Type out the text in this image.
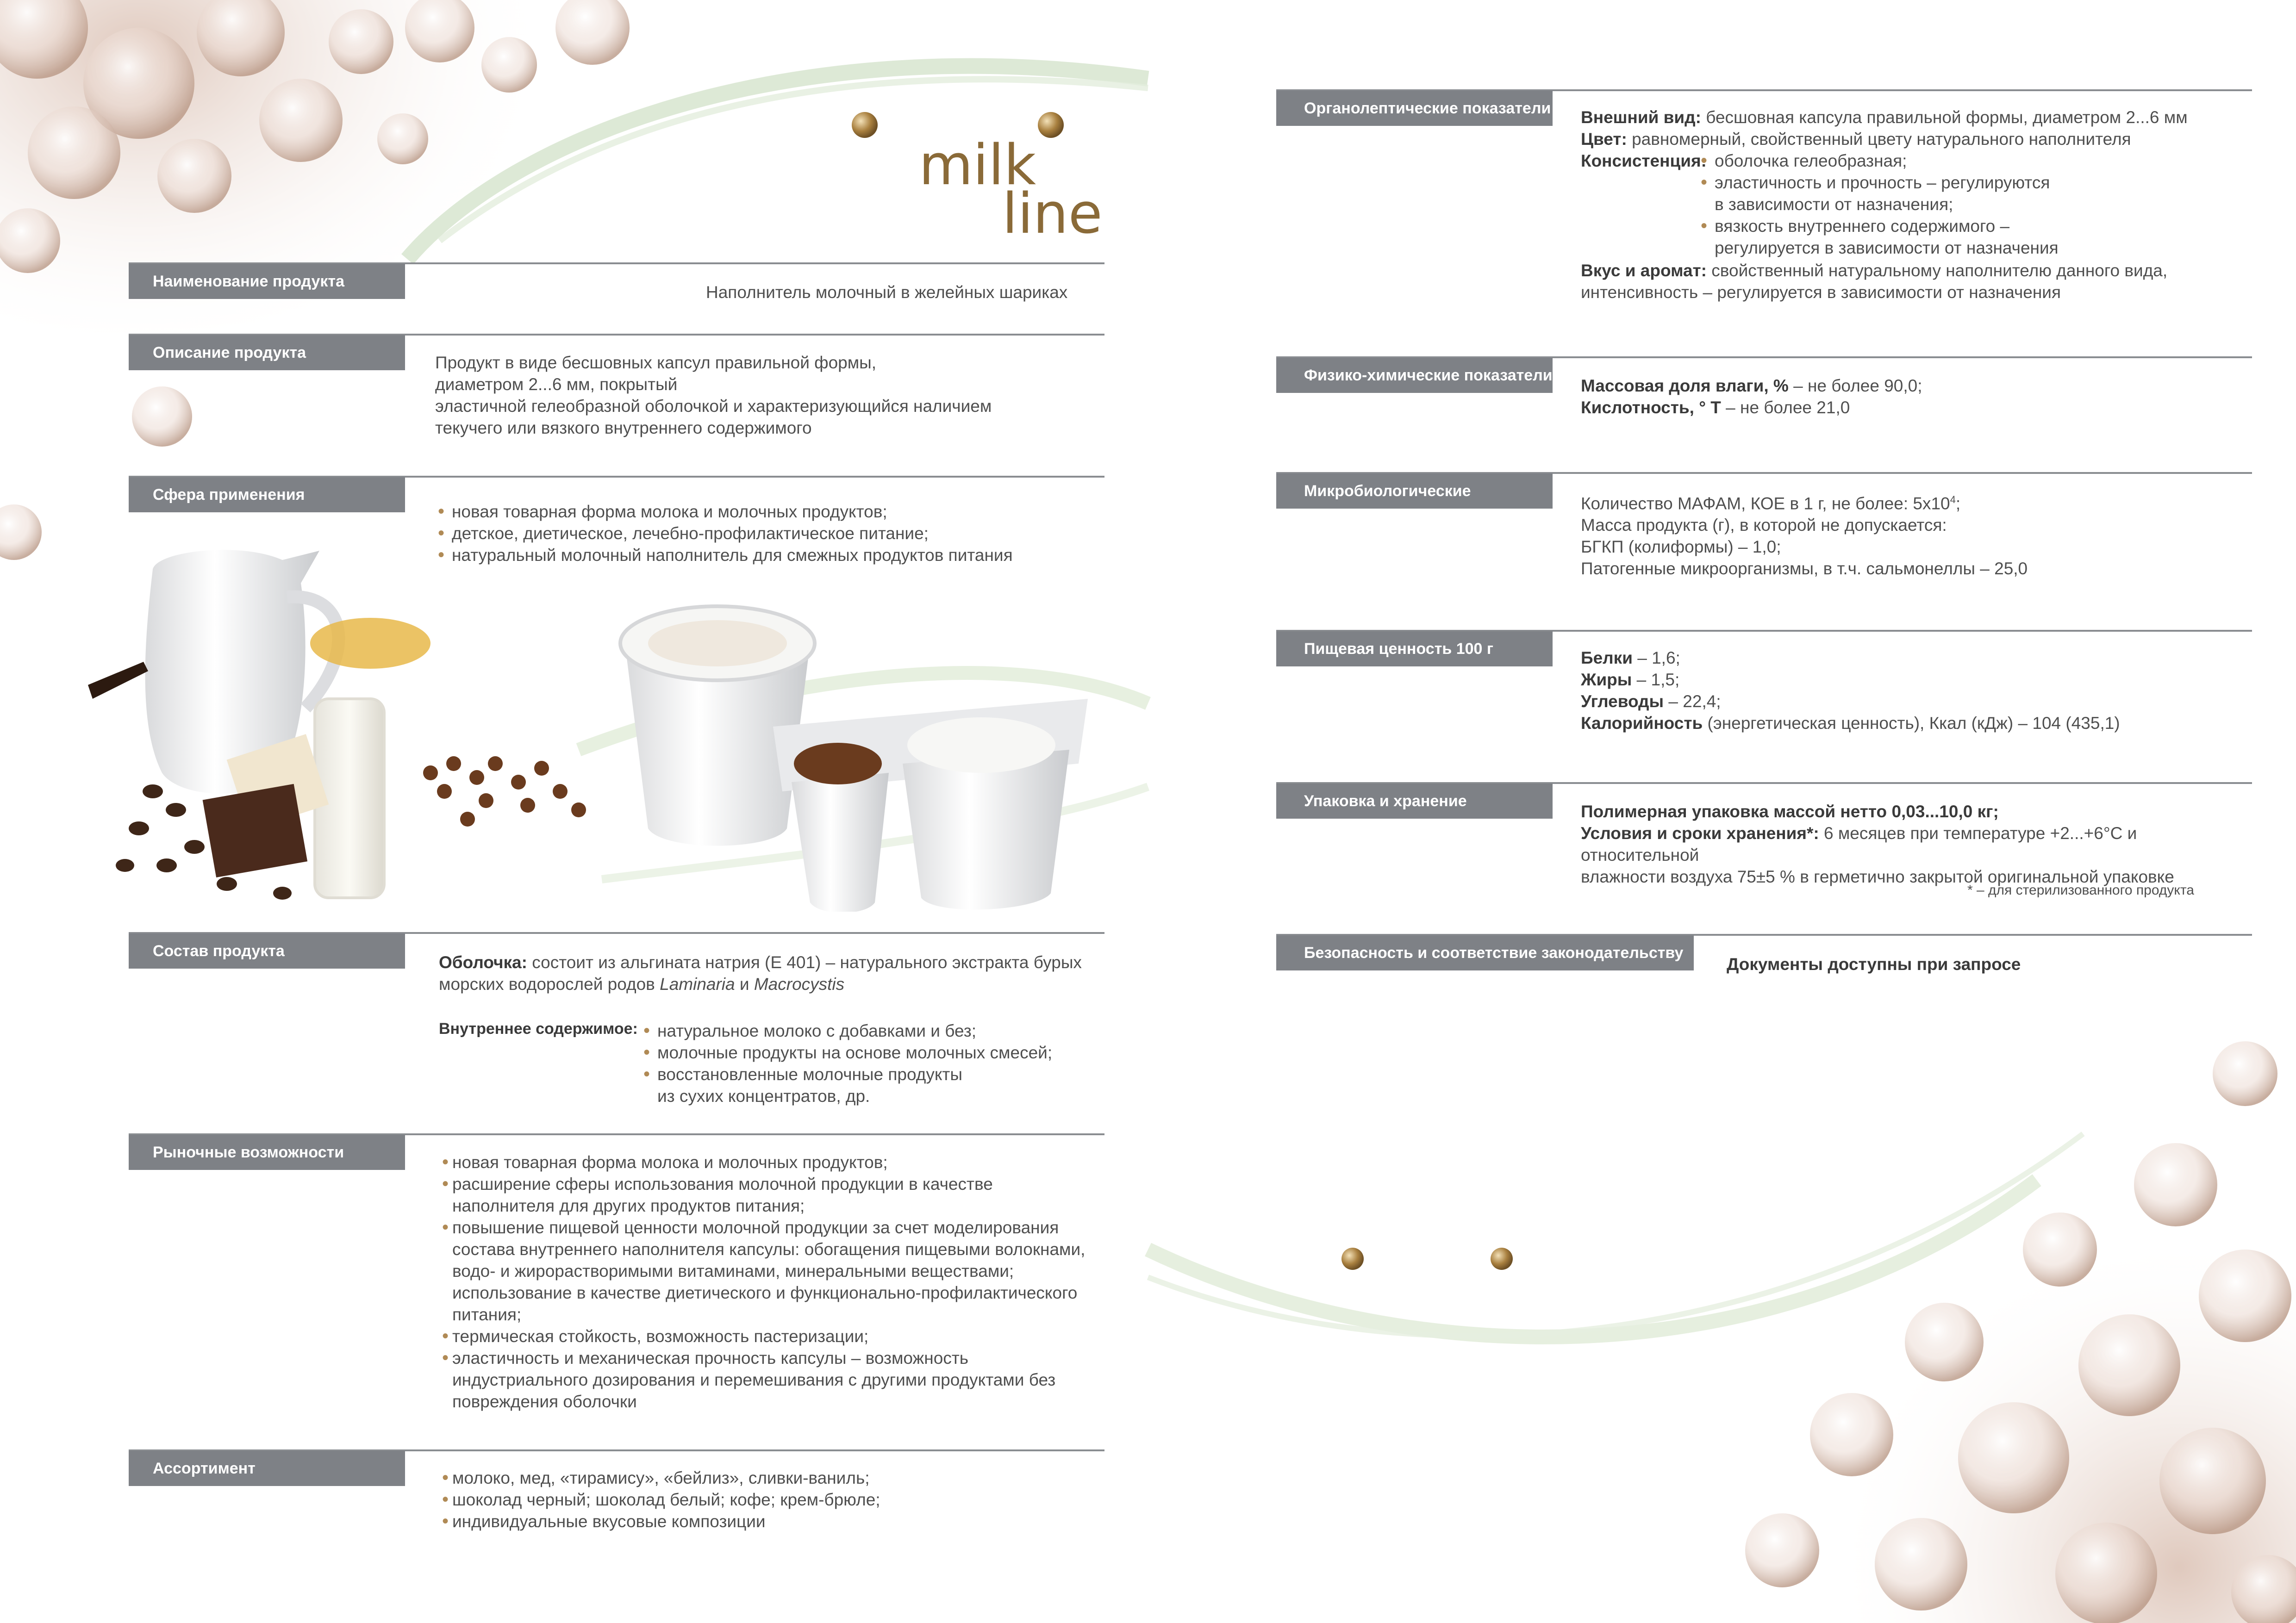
milk
line
Наименование продукта
Наполнитель молочный в желейных шариках
Описание продукта
Продукт в виде бесшовных капсул правильной формы,
диаметром 2...6 мм, покрытый
эластичной гелеобразной оболочкой и характеризующийся наличием
текучего или вязкого внутреннего содержимого
Сфера применения
• новая товарная форма молока и молочных продуктов;
• детское, диетическое, лечебно-профилактическое питание;
• натуральный молочный наполнитель для смежных продуктов питания
Состав продукта
Оболочка: состоит из альгината натрия (Е 401) – натурального экстракта бурых
морских водорослей родов Laminaria и Macrocystis
Внутреннее содержимое:	• натуральное молоко с добавками и без;
• молочные продукты на основе молочных смесей;
• восстановленные молочные продукты
из сухих концентратов, др.
Рыночные возможности
• новая товарная форма молока и молочных продуктов;
• расширение сферы использования молочной продукции в качестве
наполнителя для других продуктов питания;
• повышение пищевой ценности молочной продукции за счет моделирования
состава внутреннего наполнителя капсулы: обогащения пищевыми волокнами,
водо- и жирорастворимыми витаминами, минеральными веществами;
использование в качестве диетического и функционально-профилактического
питания;
• термическая стойкость, возможность пастеризации;
• эластичность и механическая прочность капсулы – возможность
индустриального дозирования и перемешивания с другими продуктами без
повреждения оболочки
Ассортимент	• молоко, мед, «тирамису», «бейлиз», сливки-ваниль;
• шоколад черный; шоколад белый; кофе; крем-брюле;
• индивидуальные вкусовые композиции
Органолептические показатели Внешний вид: бесшовная капсула правильной формы, диаметром 2...6 мм
Цвет: равномерный, свойственный цвету натурального наполнителя
Консистенция: • оболочка гелеобразная;
• эластичность и прочность – регулируются
в зависимости от назначения;
• вязкость внутреннего содержимого –
регулируется в зависимости от назначения
Вкус и аромат: свойственный натуральному наполнителю данного вида,
интенсивность – регулируется в зависимости от назначения
Физико-химические показатели
Массовая доля влаги, % – не более 90,0;
Кислотность, ° Т – не более 21,0
Микробиологические показатели
Количество МАФАМ, КОЕ в 1 г, не более: $5х10^4$;
Масса продукта (г), в которой не допускается:
БГКП (колиформы) – 1,0;
Патогенные микроорганизмы, в т.ч. сальмонеллы – 25,0
Пищевая ценность 100 г продукта
Белки – 1,6;
Жиры – 1,5;
Углеводы – 22,4;
Калорийность (энергетическая ценность), Ккал (кДж) – 104 (435,1)
Упаковка и хранение
Полимерная упаковка массой нетто 0,03...10,0 кг;
Условия и сроки хранения*: 6 месяцев при температуре +2...+6°С и относительной
влажности воздуха 75±5 % в герметично закрытой оригинальной упаковке
* – для стерилизованного продукта
Безопасность и соответствие законодательству
Документы доступны при запросе
